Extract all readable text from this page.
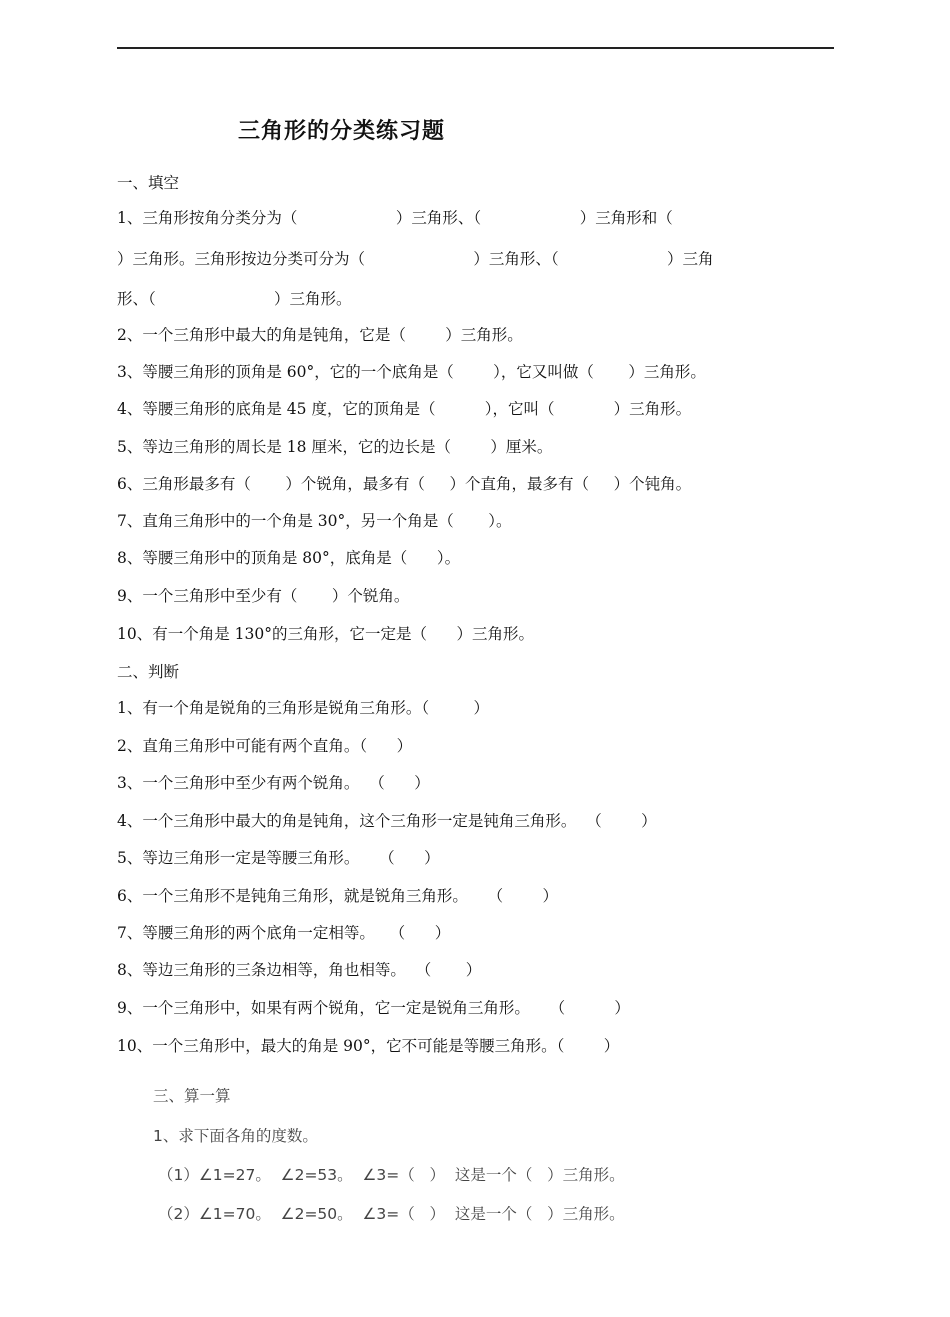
三角形的分类练习题
一、填空
1、三角形按角分类分为（                    ）三角形、（                    ）三角形和（
）三角形。三角形按边分类可分为（                      ）三角形、（                      ）三角
形、（                        ）三角形。
2、一个三角形中最大的角是钝角，它是（        ）三角形。
3、等腰三角形的顶角是 60°，它的一个底角是（        ），它又叫做（       ）三角形。
4、等腰三角形的底角是 45 度，它的顶角是（          ），它叫（            ）三角形。
5、等边三角形的周长是 18 厘米，它的边长是（        ）厘米。
6、三角形最多有（       ）个锐角，最多有（     ）个直角，最多有（     ）个钝角。
7、直角三角形中的一个角是 30°，另一个角是（       ）。
8、等腰三角形中的顶角是 80°，底角是（      ）。
9、一个三角形中至少有（       ）个锐角。
10、有一个角是 130°的三角形，它一定是（      ）三角形。
二、判断
1、有一个角是锐角的三角形是锐角三角形。（         ）
2、直角三角形中可能有两个直角。（      ）
3、一个三角形中至少有两个锐角。  （      ）
4、一个三角形中最大的角是钝角，这个三角形一定是钝角三角形。  （        ）
5、等边三角形一定是等腰三角形。    （      ）
6、一个三角形不是钝角三角形，就是锐角三角形。    （        ）
7、等腰三角形的两个底角一定相等。   （      ）
8、等边三角形的三条边相等，角也相等。  （       ）
9、一个三角形中，如果有两个锐角，它一定是锐角三角形。    （          ）
10、一个三角形中，最大的角是 90°，它不可能是等腰三角形。（        ）
三、算一算
1、求下面各角的度数。
（1）∠1=27。  ∠2=53。  ∠3=（   ）  这是一个（   ）三角形。
（2）∠1=70。  ∠2=50。  ∠3=（   ）  这是一个（   ）三角形。
